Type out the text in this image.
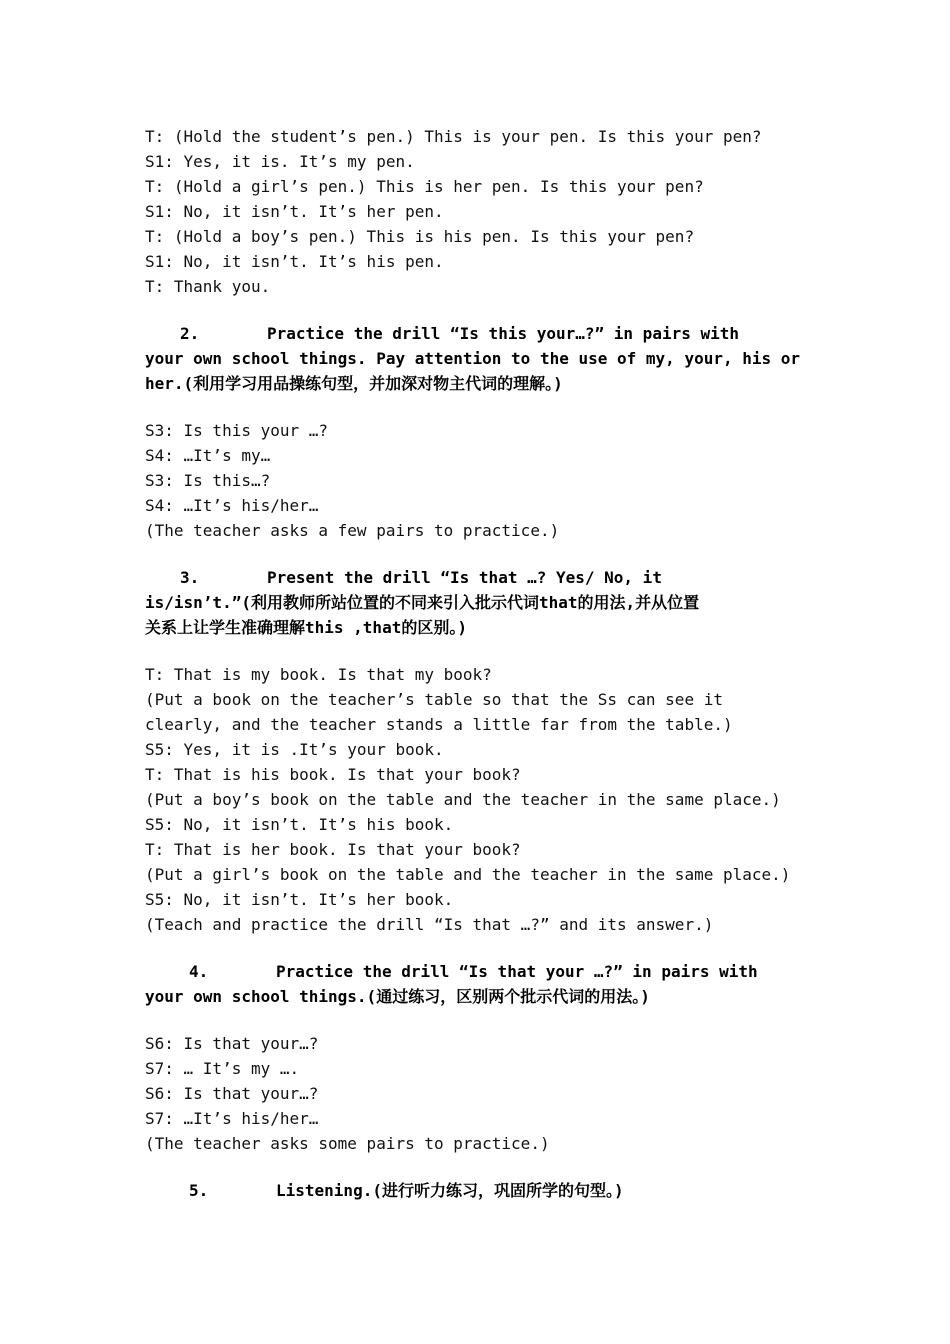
T: (Hold the student’s pen.) This is your pen. Is this your pen?
S1: Yes, it is. It’s my pen.
T: (Hold a girl’s pen.) This is her pen. Is this your pen?
S1: No, it isn’t. It’s her pen.
T: (Hold a boy’s pen.) This is his pen. Is this your pen?
S1: No, it isn’t. It’s his pen.
T: Thank you.
2.	Practice the drill “Is this your…?” in pairs with
your own school things. Pay attention to the use of my, your, his or
her.(利用学习用品操练句型，并加深对物主代词的理解。)
S3: Is this your …?
S4: …It’s my…
S3: Is this…?
S4: …It’s his/her…
(The teacher asks a few pairs to practice.)
3.	Present the drill “Is that …? Yes/ No, it
is/isn’t.”(利用教师所站位置的不同来引入批示代词that的用法,并从位置
关系上让学生准确理解this ,that的区别。)
T: That is my book. Is that my book?
(Put a book on the teacher’s table so that the Ss can see it
clearly, and the teacher stands a little far from the table.)
S5: Yes, it is .It’s your book.
T: That is his book. Is that your book?
(Put a boy’s book on the table and the teacher in the same place.)
S5: No, it isn’t. It’s his book.
T: That is her book. Is that your book?
(Put a girl’s book on the table and the teacher in the same place.)
S5: No, it isn’t. It’s her book.
(Teach and practice the drill “Is that …?” and its answer.)
4.	Practice the drill “Is that your …?” in pairs with
your own school things.(通过练习，区别两个批示代词的用法。)
S6: Is that your…?
S7: … It’s my ….
S6: Is that your…?
S7: …It’s his/her…
(The teacher asks some pairs to practice.)
5.	Listening.(进行听力练习，巩固所学的句型。)
